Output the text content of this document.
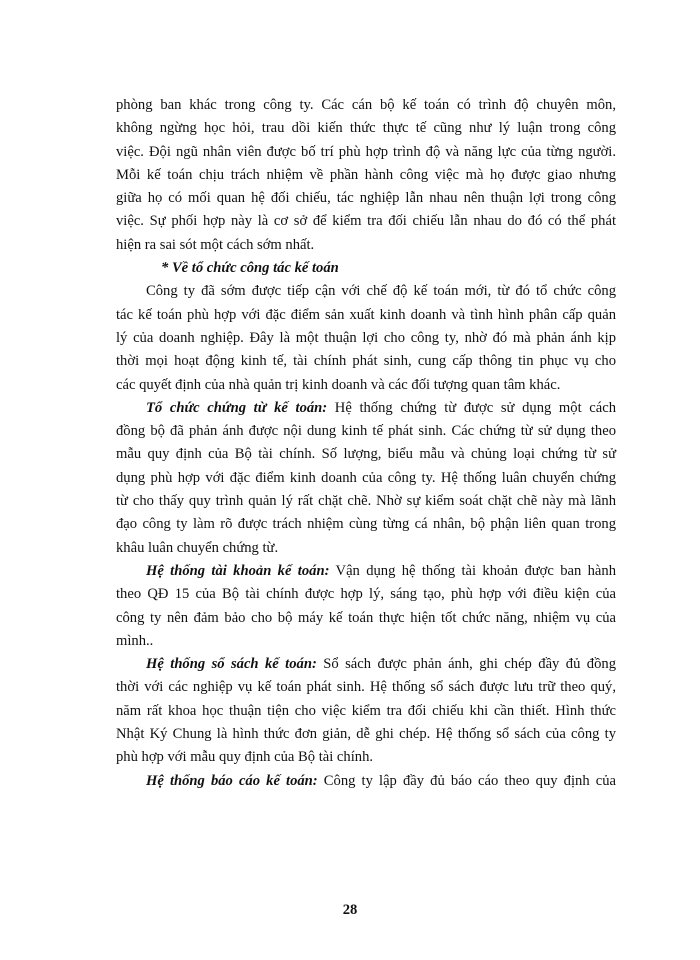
phòng ban khác trong công ty. Các cán bộ kế toán có trình độ chuyên môn,
không ngừng học hỏi, trau dồi kiến thức thực tế cũng như lý luận trong công
việc. Đội ngũ nhân viên được bố trí phù hợp trình độ và năng lực của từng người.
Mỗi kế toán chịu trách nhiệm về phần hành công việc mà họ được giao nhưng
giữa họ có mối quan hệ đối chiếu, tác nghiệp lẫn nhau nên thuận lợi trong công
việc. Sự phối hợp này là cơ sở để kiểm tra đối chiếu lẫn nhau do đó có thể phát
hiện ra sai sót một cách sớm nhất.
* Về tổ chức công tác kế toán
Công ty đã sớm được tiếp cận với chế độ kế toán mới, từ đó tổ chức công
tác kế toán phù hợp với đặc điểm sản xuất kinh doanh và tình hình phân cấp quản
lý của doanh nghiệp. Đây là một thuận lợi cho công ty, nhờ đó mà phản ánh kịp
thời mọi hoạt động kinh tế, tài chính phát sinh, cung cấp thông tin phục vụ cho
các quyết định của nhà quản trị kinh doanh và các đối tượng quan tâm khác.
Tổ chức chứng từ kế toán: Hệ thống chứng từ được sử dụng một cách
đồng bộ đã phản ánh được nội dung kinh tế phát sinh. Các chứng từ sử dụng theo
mẫu quy định của Bộ tài chính. Số lượng, biểu mẫu và chủng loại chứng từ sử
dụng phù hợp với đặc điểm kinh doanh của công ty. Hệ thống luân chuyển chứng
từ cho thấy quy trình quản lý rất chặt chẽ. Nhờ sự kiểm soát chặt chẽ này mà lãnh
đạo công ty làm rõ được trách nhiệm cùng từng cá nhân, bộ phận liên quan trong
khâu luân chuyển chứng từ.
Hệ thống tài khoản kế toán: Vận dụng hệ thống tài khoản được ban hành
theo QĐ 15 của Bộ tài chính được hợp lý, sáng tạo, phù hợp với điều kiện của
công ty nên đảm bảo cho bộ máy kế toán thực hiện tốt chức năng, nhiệm vụ của
mình..
Hệ thống sổ sách kế toán: Sổ sách được phản ánh, ghi chép đầy đủ đồng
thời với các nghiệp vụ kế toán phát sinh. Hệ thống sổ sách được lưu trữ theo quý,
năm rất khoa học thuận tiện cho việc kiểm tra đối chiếu khi cần thiết. Hình thức
Nhật Ký Chung là hình thức đơn giản, dễ ghi chép. Hệ thống sổ sách của công ty
phù hợp với mẫu quy định của Bộ tài chính.
Hệ thống báo cáo kế toán: Công ty lập đầy đủ báo cáo theo quy định của
28
